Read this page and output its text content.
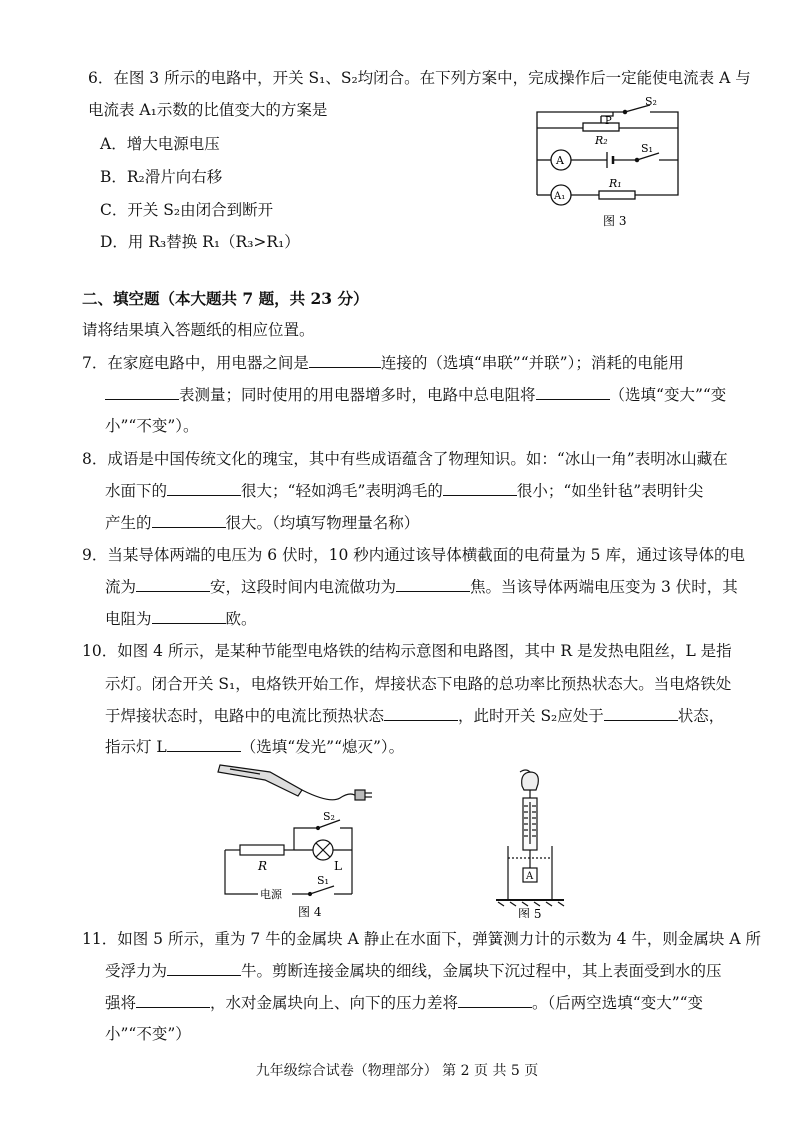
6．在图 3 所示的电路中，开关 S₁、S₂均闭合。在下列方案中，完成操作后一定能使电流表 A 与
电流表 A₁示数的比值变大的方案是
A．增大电源电压
B．R₂滑片向右移
C．开关 S₂由闭合到断开
D．用 R₃替换 R₁（R₃>R₁）
S₂
P
R₂
A
S₁
A₁
R₁
图 3
二、填空题（本大题共 7 题，共 23 分）
请将结果填入答题纸的相应位置。
7．在家庭电路中，用电器之间是	连接的（选填“串联”“并联”）；消耗的电能用
表测量；同时使用的用电器增多时，电路中总电阻将	（选填“变大”“变
小”“不变”）。
8．成语是中国传统文化的瑰宝，其中有些成语蕴含了物理知识。如：“冰山一角”表明冰山藏在
水面下的	很大；“轻如鸿毛”表明鸿毛的	很小；“如坐针毡”表明针尖
产生的	很大。（均填写物理量名称）
9．当某导体两端的电压为 6 伏时，10 秒内通过该导体横截面的电荷量为 5 库，通过该导体的电
流为	安，这段时间内电流做功为	焦。当该导体两端电压变为 3 伏时，其
电阻为	欧。
10．如图 4 所示，是某种节能型电烙铁的结构示意图和电路图，其中 R 是发热电阻丝，L 是指
示灯。闭合开关 S₁，电烙铁开始工作，焊接状态下电路的总功率比预热状态大。当电烙铁处
于焊接状态时，电路中的电流比预热状态	，此时开关 S₂应处于	状态，
指示灯 L	（选填“发光”“熄灭”）。
S₂
R	L
电源
S₁
图 4
A
图 5
11．如图 5 所示，重为 7 牛的金属块 A 静止在水面下，弹簧测力计的示数为 4 牛，则金属块 A 所
受浮力为	牛。剪断连接金属块的细线，金属块下沉过程中，其上表面受到水的压
强将	，水对金属块向上、向下的压力差将	。（后两空选填“变大”“变
小”“不变”）
九年级综合试卷（物理部分） 第 2 页 共 5 页
